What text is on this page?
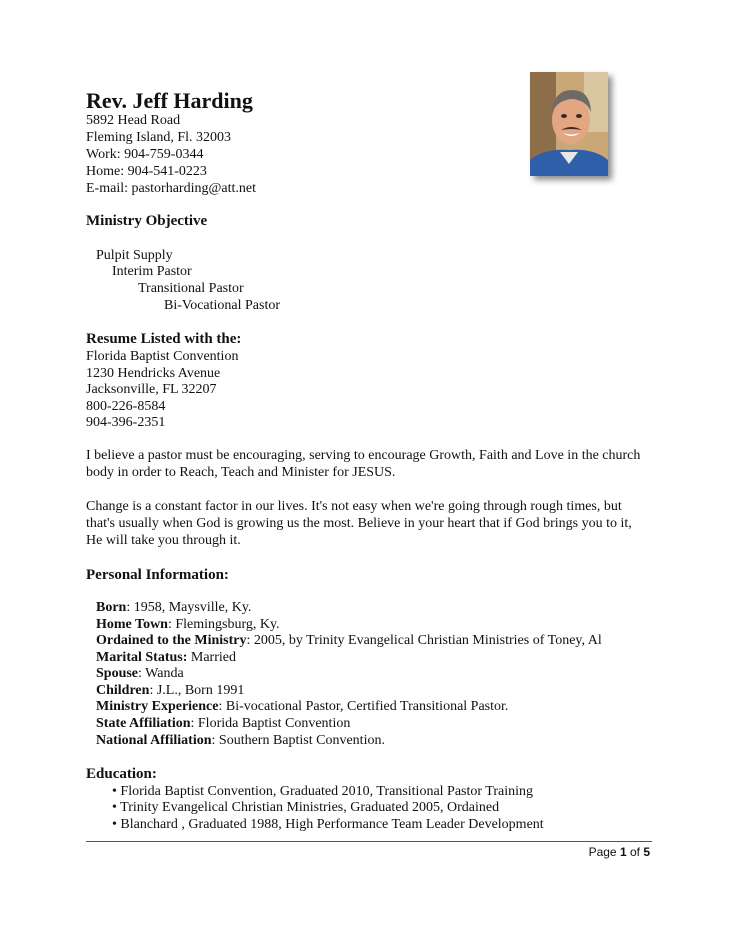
Rev. Jeff Harding
5892 Head Road
Fleming Island, Fl. 32003
Work: 904-759-0344
Home: 904-541-0223
E-mail: pastorharding@att.net
Ministry Objective
Pulpit Supply
Interim Pastor
Transitional Pastor
Bi-Vocational Pastor
Resume Listed with the:
Florida Baptist Convention
1230 Hendricks Avenue
Jacksonville, FL 32207
800-226-8584
904-396-2351
I believe a pastor must be encouraging, serving to encourage Growth, Faith and Love in the church body in order to Reach, Teach and Minister for JESUS.
Change is a constant factor in our lives. It's not easy when we're going through rough times, but that's usually when God is growing us the most. Believe in your heart that if God brings you to it, He will take you through it.
Personal Information:
Born: 1958, Maysville, Ky.
Home Town: Flemingsburg, Ky.
Ordained to the Ministry: 2005, by Trinity Evangelical Christian Ministries of Toney, Al
Marital Status: Married
Spouse: Wanda
Children: J.L., Born 1991
Ministry Experience: Bi-vocational Pastor, Certified Transitional Pastor.
State Affiliation: Florida Baptist Convention
National Affiliation: Southern Baptist Convention.
Education:
• Florida Baptist Convention, Graduated 2010, Transitional Pastor Training
• Trinity Evangelical Christian Ministries, Graduated 2005, Ordained
• Blanchard , Graduated 1988, High Performance Team Leader Development
Page 1 of 5
